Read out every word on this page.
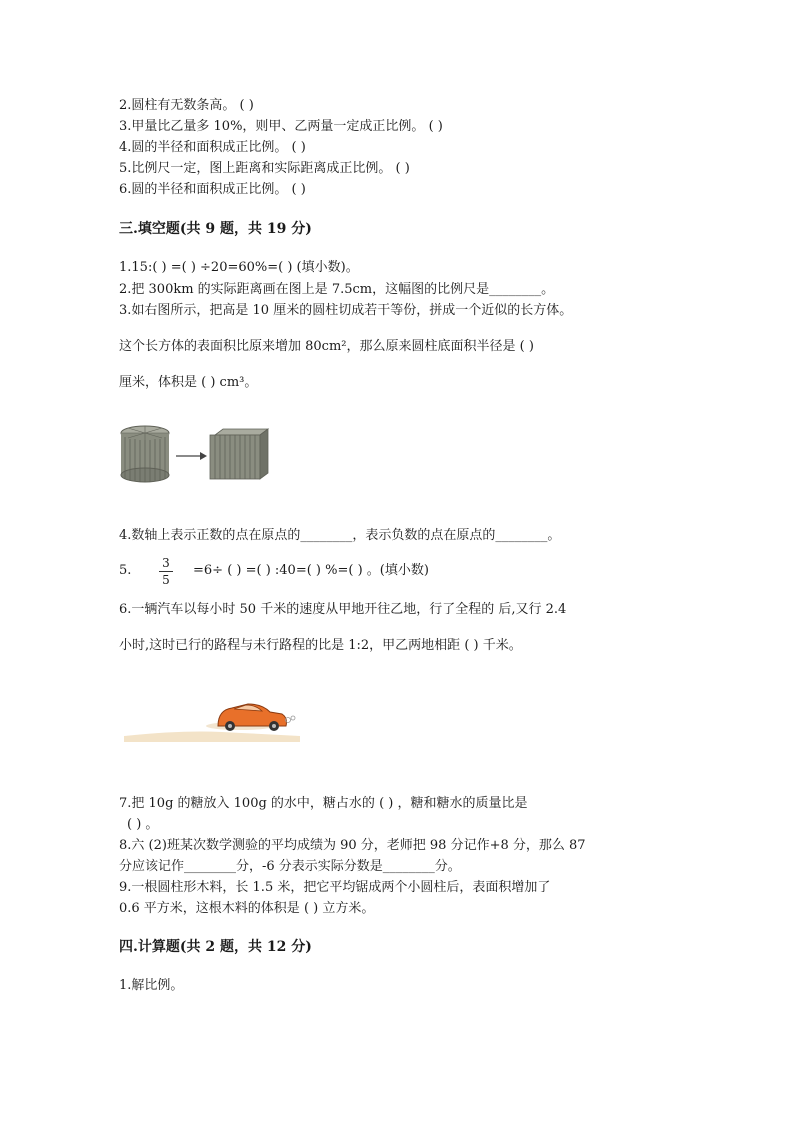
2.圆柱有无数条高。 ( )
3.甲量比乙量多 10%，则甲、乙两量一定成正比例。 ( )
4.圆的半径和面积成正比例。 ( )
5.比例尺一定，图上距离和实际距离成正比例。 ( )
6.圆的半径和面积成正比例。 ( )
三.填空题(共 9 题，共 19 分)
1.15:( ) =( ) ÷20=60%=( ) (填小数)。
2.把 300km 的实际距离画在图上是 7.5cm，这幅图的比例尺是________。
3.如右图所示，把高是 10 厘米的圆柱切成若干等份，拼成一个近似的长方体。
这个长方体的表面积比原来增加 80cm²，那么原来圆柱底面积半径是 ( )
厘米，体积是 ( ) cm³。
4.数轴上表示正数的点在原点的________，表示负数的点在原点的________。
5.	3
5
=6÷ ( ) =( ) :40=( ) %=( ) 。(填小数)
6.一辆汽车以每小时 50 千米的速度从甲地开往乙地，行了全程的 后,又行 2.4
小时,这时已行的路程与未行路程的比是 1:2，甲乙两地相距 ( ) 千米。
7.把 10g 的糖放入 100g 的水中，糖占水的 ( ) ，糖和糖水的质量比是
( ) 。
8.六 (2)班某次数学测验的平均成绩为 90 分，老师把 98 分记作+8 分，那么 87
分应该记作________分，-6 分表示实际分数是________分。
9.一根圆柱形木料，长 1.5 米，把它平均锯成两个小圆柱后，表面积增加了
0.6 平方米，这根木料的体积是 ( ) 立方米。
四.计算题(共 2 题，共 12 分)
1.解比例。
